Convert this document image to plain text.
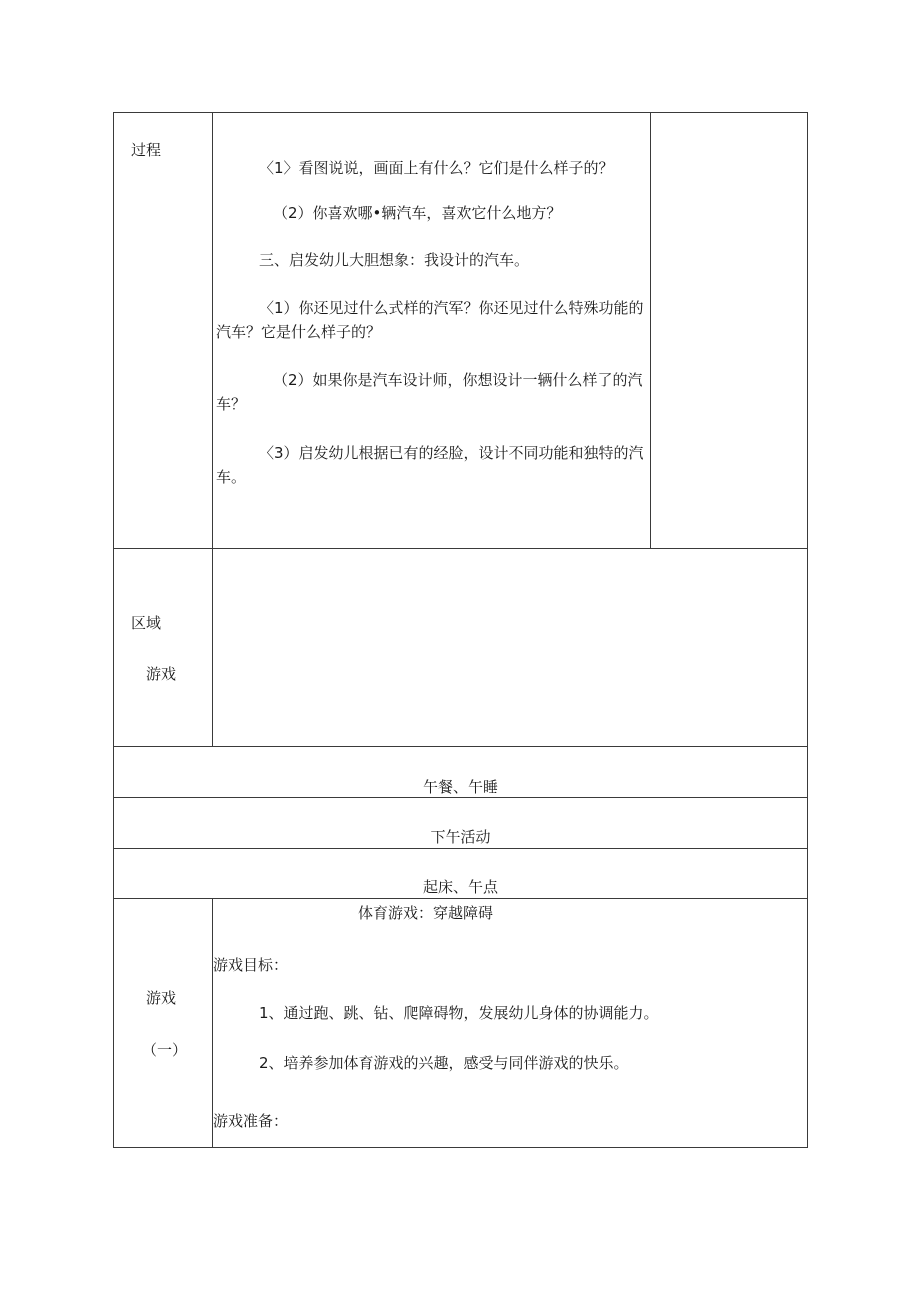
过程
〈1〉看图说说，画面上有什么？它们是什么样子的？
（2）你喜欢哪•辆汽车，喜欢它什么地方？
三、启发幼儿大胆想象：我设计的汽车。
〈1）你还见过什么式样的汽军？你还见过什么特殊功能的汽车？它是什么样子的？
（2）如果你是汽车设计师，你想设计一辆什么样了的汽车？
〈3）启发幼儿根据已有的经脸，设计不同功能和独特的汽车。
区域
游戏
午餐、午睡
下午活动
起床、午点
游戏
（一）
体育游戏：穿越障碍
游戏目标：
1、通过跑、跳、钻、爬障碍物，发展幼儿身体的协调能力。
2、培养参加体育游戏的兴趣，感受与同伴游戏的快乐。
游戏准备：
